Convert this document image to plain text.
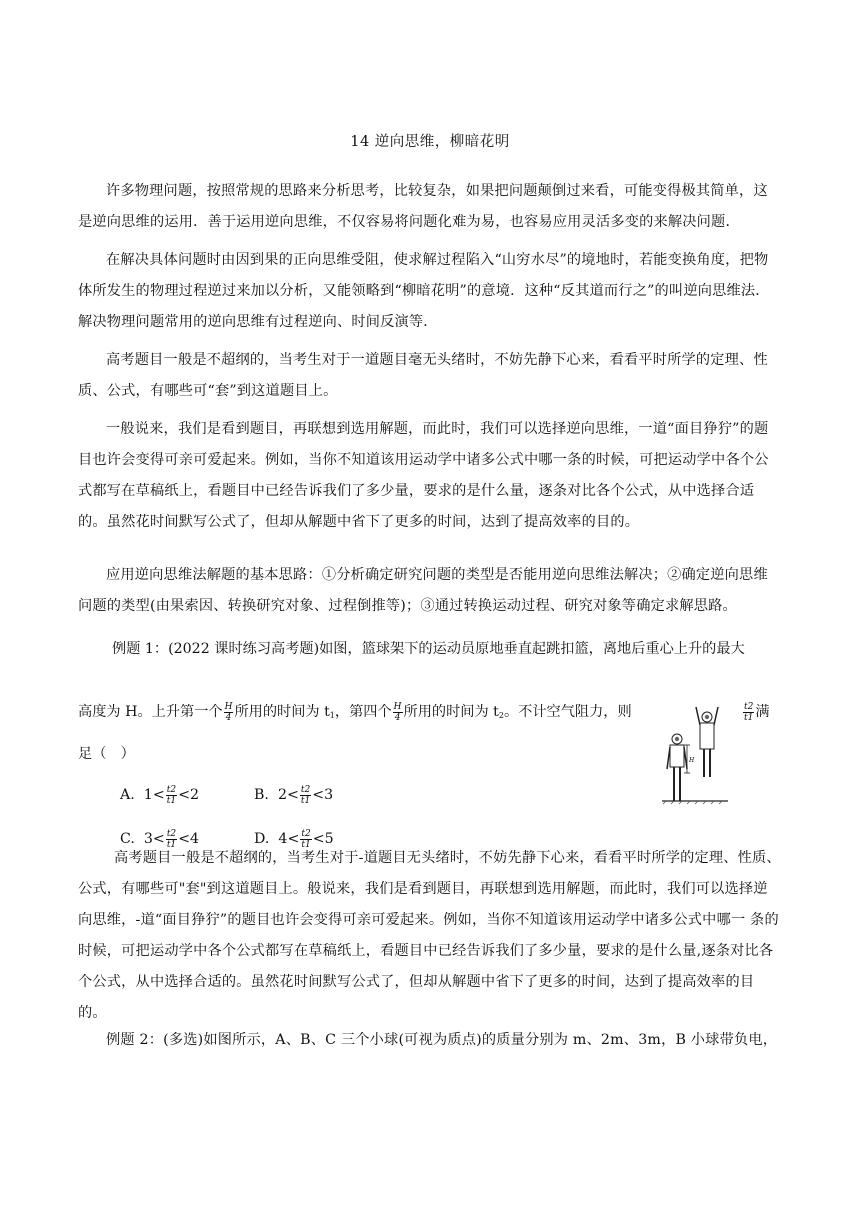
14 逆向思维，柳暗花明

许多物理问题，按照常规的思路来分析思考，比较复杂，如果把问题颠倒过来看，可能变得极其简单，这是逆向思维的运用．善于运用逆向思维，不仅容易将问题化难为易，也容易应用灵活多变的来解决问题．

在解决具体问题时由因到果的正向思维受阻，使求解过程陷入“山穷水尽”的境地时，若能变换角度，把物体所发生的物理过程逆过来加以分析，又能领略到“柳暗花明”的意境．这种“反其道而行之”的叫逆向思维法．解决物理问题常用的逆向思维有过程逆向、时间反演等．

高考题目一般是不超纲的，当考生对于一道题目毫无头绪时，不妨先静下心来，看看平时所学的定理、性质、公式，有哪些可“套”到这道题目上。

一般说来，我们是看到题目，再联想到选用解题，而此时，我们可以选择逆向思维，一道“面目狰狞”的题目也许会变得可亲可爱起来。例如，当你不知道该用运动学中诸多公式中哪一条的时候，可把运动学中各个公式都写在草稿纸上，看题目中已经告诉我们了多少量，要求的是什么量，逐条对比各个公式，从中选择合适的。虽然花时间默写公式了，但却从解题中省下了更多的时间，达到了提高效率的目的。

应用逆向思维法解题的基本思路：①分析确定研究问题的类型是否能用逆向思维法解决；②确定逆向思维问题的类型(由果索因、转换研究对象、过程倒推等)；③通过转换运动过程、研究对象等确定求解思路。

例题 1：(2022 课时练习高考题)如图，篮球架下的运动员原地垂直起跳扣篮，离地后重心上升的最大
高度为 H。上升第一个 $\frac{H}{4}$ 所用的时间为 $t_1$，第四个 $\frac{H}{4}$ 所用的时间为 $t_2$。不计空气阻力，则	$\frac{t2}{t1}$ 满
足（　）
A. $1< \frac{t2}{t1} <2$	B. $2< \frac{t2}{t1} <3$
C. $3< \frac{t2}{t1} <4$	D. $4< \frac{t2}{t1} <5$
H

高考题目一般是不超纲的，当考生对于-道题目无头绪时，不妨先静下心来，看看平时所学的定理、性质、公式，有哪些可"套"到这道题目上。般说来，我们是看到题目，再联想到选用解题，而此时，我们可以选择逆向思维，-道“面目狰狞”的题目也许会变得可亲可爱起来。例如，当你不知道该用运动学中诸多公式中哪一 条的时候，可把运动学中各个公式都写在草稿纸上，看题目中已经告诉我们了多少量，要求的是什么量,逐条对比各个公式，从中选择合适的。虽然花时间默写公式了，但却从解题中省下了更多的时间，达到了提高效率的目的。

例题 2：(多选)如图所示，A、B、C 三个小球(可视为质点)的质量分别为 m、2m、3m，B 小球带负电，
